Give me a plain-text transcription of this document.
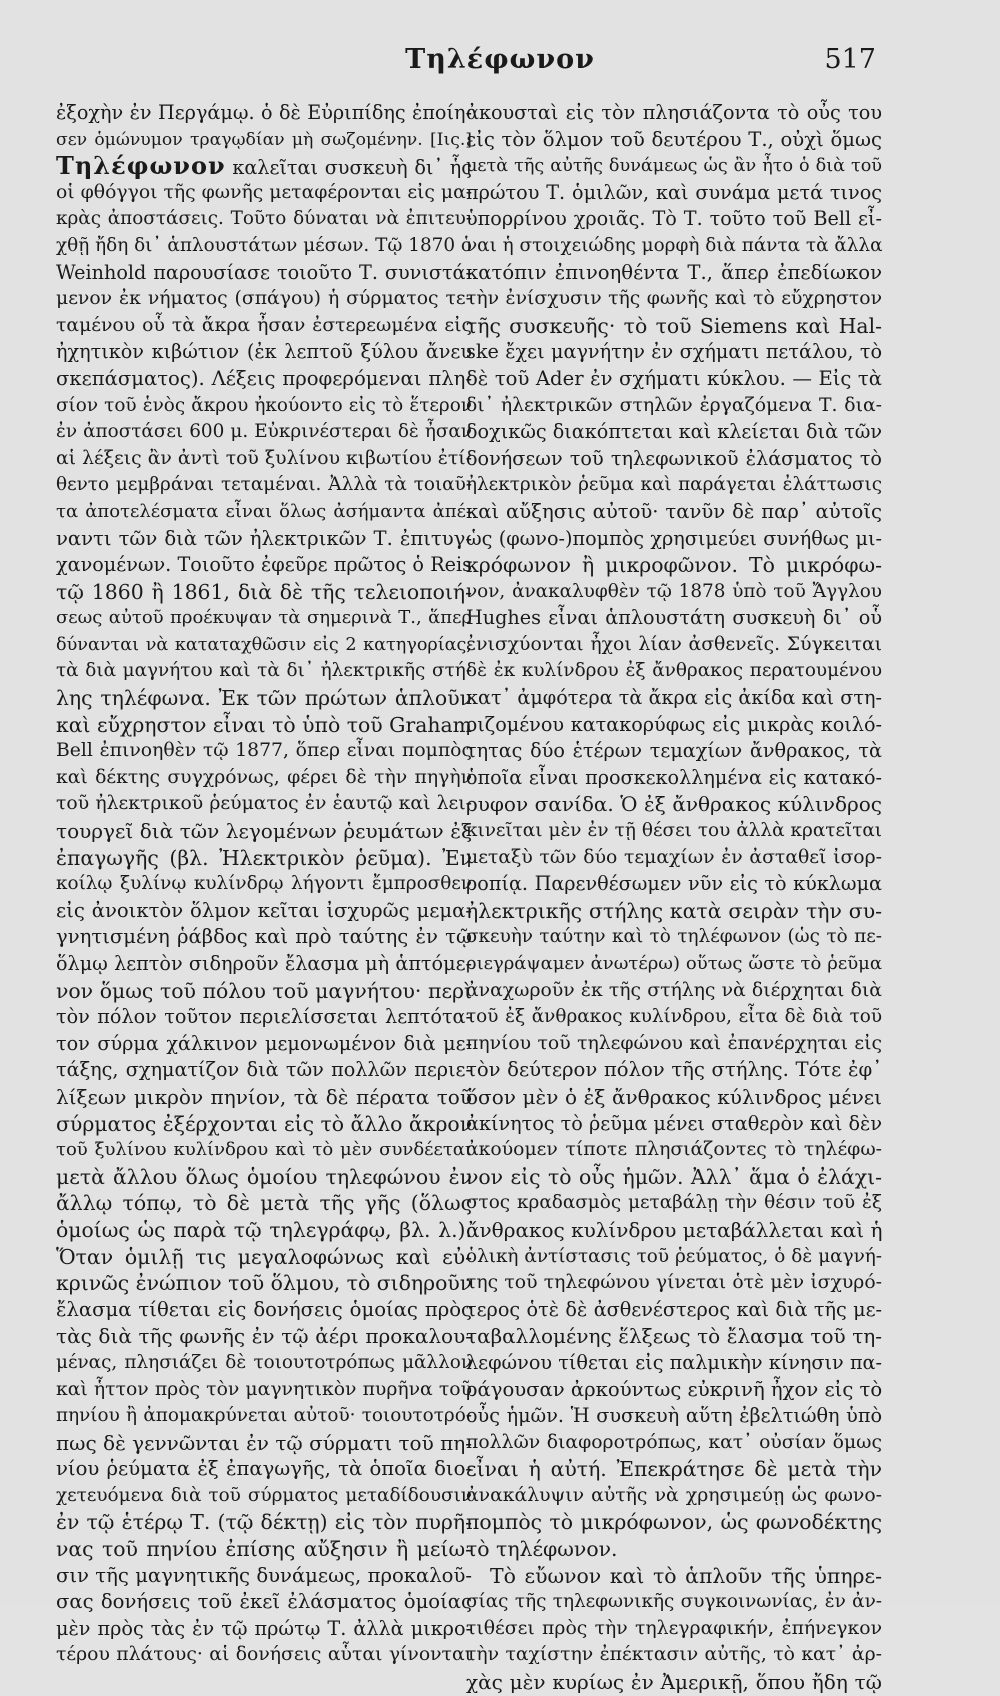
Τηλέφωνον	517
ἐξοχὴν ἐν Περγάμῳ. ὁ δὲ Εὐριπίδης ἐποίη-
σεν ὁμώνυμον τραγῳδίαν μὴ σωζομένην. [Ιις.]
Τηλέφωνον καλεῖται συσκευὴ δι᾽ ἧς
οἱ φθόγγοι τῆς φωνῆς μεταφέρονται εἰς μα-
κρὰς ἀποστάσεις. Τοῦτο δύναται νὰ ἐπιτευ-
χθῇ ἤδη δι᾽ ἁπλουστάτων μέσων. Τῷ 1870 ὁ
Weinhold παρουσίασε τοιοῦτο Τ. συνιστά-
μενον ἐκ νήματος (σπάγου) ἡ σύρματος τε-
ταμένου οὗ τὰ ἄκρα ἦσαν ἐστερεωμένα εἰς
ἠχητικὸν κιβώτιον (ἐκ λεπτοῦ ξύλου ἄνευ
σκεπάσματος). Λέξεις προφερόμεναι πλη-
σίον τοῦ ἑνὸς ἄκρου ἠκούοντο εἰς τὸ ἕτερον
ἐν ἀποστάσει 600 μ. Εὐκρινέστεραι δὲ ἦσαν
αἱ λέξεις ἂν ἀντὶ τοῦ ξυλίνου κιβωτίου ἐτί-
θεντο μεμβράναι τεταμέναι. Ἀλλὰ τὰ τοιαῦ-
τα ἀποτελέσματα εἶναι ὅλως ἀσήμαντα ἀπέ-
ναντι τῶν διὰ τῶν ἠλεκτρικῶν Τ. ἐπιτυγ-
χανομένων. Τοιοῦτο ἐφεῦρε πρῶτος ὁ Reis
τῷ 1860 ἢ 1861, διὰ δὲ τῆς τελειοποιή-
σεως αὐτοῦ προέκυψαν τὰ σημερινὰ Τ., ἅπερ
δύνανται νὰ καταταχθῶσιν εἰς 2 κατηγορίας,
τὰ διὰ μαγνήτου καὶ τὰ δι᾽ ἠλεκτρικῆς στή-
λης τηλέφωνα. Ἐκ τῶν πρώτων ἁπλοῦν
καὶ εὔχρηστον εἶναι τὸ ὑπὸ τοῦ Graham
Bell ἐπινοηθὲν τῷ 1877, ὅπερ εἶναι πομπὸς
καὶ δέκτης συγχρόνως, φέρει δὲ τὴν πηγὴν
τοῦ ἠλεκτρικοῦ ῥεύματος ἐν ἑαυτῷ καὶ λει-
τουργεῖ διὰ τῶν λεγομένων ῥευμάτων ἐξ
ἐπαγωγῆς (βλ. Ἠλεκτρικὸν ῥεῦμα). Ἐν
κοίλῳ ξυλίνῳ κυλίνδρῳ λήγοντι ἔμπροσθεν
εἰς ἀνοικτὸν ὅλμον κεῖται ἰσχυρῶς μεμα-
γνητισμένη ῥάβδος καὶ πρὸ ταύτης ἐν τῷ
ὅλμῳ λεπτὸν σιδηροῦν ἔλασμα μὴ ἁπτόμε-
νον ὅμως τοῦ πόλου τοῦ μαγνήτου· περὶ
τὸν πόλον τοῦτον περιελίσσεται λεπτότα-
τον σύρμα χάλκινον μεμονωμένον διὰ με-
τάξης, σχηματίζον διὰ τῶν πολλῶν περιε-
λίξεων μικρὸν πηνίον, τὰ δὲ πέρατα τοῦ
σύρματος ἐξέρχονται εἰς τὸ ἄλλο ἄκρον
τοῦ ξυλίνου κυλίνδρου καὶ τὸ μὲν συνδέεται
μετὰ ἄλλου ὅλως ὁμοίου τηλεφώνου ἐν
ἄλλῳ τόπῳ, τὸ δὲ μετὰ τῆς γῆς (ὅλως
ὁμοίως ὡς παρὰ τῷ τηλεγράφῳ, βλ. λ.).
Ὅταν ὁμιλῇ τις μεγαλοφώνως καὶ εὐ-
κρινῶς ἐνώπιον τοῦ ὅλμου, τὸ σιδηροῦν
ἔλασμα τίθεται εἰς δονήσεις ὁμοίας πρὸς
τὰς διὰ τῆς φωνῆς ἐν τῷ ἀέρι προκαλου-
μένας, πλησιάζει δὲ τοιουτοτρόπως μᾶλλον
καὶ ἧττον πρὸς τὸν μαγνητικὸν πυρῆνα τοῦ
πηνίου ἢ ἀπομακρύνεται αὐτοῦ· τοιουτοτρό-
πως δὲ γεννῶνται ἐν τῷ σύρματι τοῦ πη-
νίου ῥεύματα ἐξ ἐπαγωγῆς, τὰ ὁποῖα διο-
χετευόμενα διὰ τοῦ σύρματος μεταδίδουσιν
ἐν τῷ ἑτέρῳ Τ. (τῷ δέκτῃ) εἰς τὸν πυρῆ-
νας τοῦ πηνίου ἐπίσης αὔξησιν ἢ μείω-
σιν τῆς μαγνητικῆς δυνάμεως, προκαλοῦ-
σας δονήσεις τοῦ ἐκεῖ ἐλάσματος ὁμοίας
μὲν πρὸς τὰς ἐν τῷ πρώτῳ Τ. ἀλλὰ μικρο-
τέρου πλάτους· αἱ δονήσεις αὗται γίνονται
ἀκουσταὶ εἰς τὸν πλησιάζοντα τὸ οὖς του
εἰς τὸν ὅλμον τοῦ δευτέρου Τ., οὐχὶ ὅμως
μετὰ τῆς αὐτῆς δυνάμεως ὡς ἂν ἦτο ὁ διὰ τοῦ
πρώτου Τ. ὁμιλῶν, καὶ συνάμα μετά τινος
ὑπορρίνου χροιᾶς. Τὸ Τ. τοῦτο τοῦ Bell εἶ-
ναι ἡ στοιχειώδης μορφὴ διὰ πάντα τὰ ἄλλα
κατόπιν ἐπινοηθέντα Τ., ἅπερ ἐπεδίωκον
τὴν ἐνίσχυσιν τῆς φωνῆς καὶ τὸ εὔχρηστον
τῆς συσκευῆς· τὸ τοῦ Siemens καὶ Hal-
ske ἔχει μαγνήτην ἐν σχήματι πετάλου, τὸ
δὲ τοῦ Ader ἐν σχήματι κύκλου. — Εἰς τὰ
δι᾽ ἠλεκτρικῶν στηλῶν ἐργαζόμενα Τ. δια-
δοχικῶς διακόπτεται καὶ κλείεται διὰ τῶν
δονήσεων τοῦ τηλεφωνικοῦ ἐλάσματος τὸ
ἠλεκτρικὸν ῥεῦμα καὶ παράγεται ἐλάττωσις
καὶ αὔξησις αὐτοῦ· τανῦν δὲ παρ᾽ αὐτοῖς
ὡς (φωνο-)πομπὸς χρησιμεύει συνήθως μι-
κρόφωνον ἢ μικροφῶνον. Τὸ μικρόφω-
νον, ἀνακαλυφθὲν τῷ 1878 ὑπὸ τοῦ Ἄγγλου
Hughes εἶναι ἁπλουστάτη συσκευὴ δι᾽ οὗ
ἐνισχύονται ἦχοι λίαν ἀσθενεῖς. Σύγκειται
δὲ ἐκ κυλίνδρου ἐξ ἄνθρακος περατουμένου
κατ᾽ ἀμφότερα τὰ ἄκρα εἰς ἀκίδα καὶ στη-
ριζομένου κατακορύφως εἰς μικρὰς κοιλό-
τητας δύο ἑτέρων τεμαχίων ἄνθρακος, τὰ
ὁποῖα εἶναι προσκεκολλημένα εἰς κατακό-
ρυφον σανίδα. Ὁ ἐξ ἄνθρακος κύλινδρος
κινεῖται μὲν ἐν τῇ θέσει του ἀλλὰ κρατεῖται
μεταξὺ τῶν δύο τεμαχίων ἐν ἀσταθεῖ ἰσορ-
ροπίᾳ. Παρενθέσωμεν νῦν εἰς τὸ κύκλωμα
ἠλεκτρικῆς στήλης κατὰ σειρὰν τὴν συ-
σκευὴν ταύτην καὶ τὸ τηλέφωνον (ὡς τὸ πε-
ριεγράψαμεν ἀνωτέρω) οὕτως ὥστε τὸ ῥεῦμα
ἀναχωροῦν ἐκ τῆς στήλης νὰ διέρχηται διὰ
τοῦ ἐξ ἄνθρακος κυλίνδρου, εἶτα δὲ διὰ τοῦ
πηνίου τοῦ τηλεφώνου καὶ ἐπανέρχηται εἰς
τὸν δεύτερον πόλον τῆς στήλης. Τότε ἐφ᾽
ὅσον μὲν ὁ ἐξ ἄνθρακος κύλινδρος μένει
ἀκίνητος τὸ ῥεῦμα μένει σταθερὸν καὶ δὲν
ἀκούομεν τίποτε πλησιάζοντες τὸ τηλέφω-
νον εἰς τὸ οὖς ἡμῶν. Ἀλλ᾽ ἅμα ὁ ἐλάχι-
στος κραδασμὸς μεταβάλῃ τὴν θέσιν τοῦ ἐξ
ἄνθρακος κυλίνδρου μεταβάλλεται καὶ ἡ
ὁλικὴ ἀντίστασις τοῦ ῥεύματος, ὁ δὲ μαγνή-
της τοῦ τηλεφώνου γίνεται ὁτὲ μὲν ἰσχυρό-
τερος ὁτὲ δὲ ἀσθενέστερος καὶ διὰ τῆς με-
ταβαλλομένης ἕλξεως τὸ ἔλασμα τοῦ τη-
λεφώνου τίθεται εἰς παλμικὴν κίνησιν πα-
ράγουσαν ἀρκούντως εὐκρινῆ ἦχον εἰς τὸ
οὖς ἡμῶν. Ἡ συσκευὴ αὕτη ἐβελτιώθη ὑπὸ
πολλῶν διαφοροτρόπως, κατ᾽ οὐσίαν ὅμως
εἶναι ἡ αὐτή. Ἐπεκράτησε δὲ μετὰ τὴν
ἀνακάλυψιν αὐτῆς νὰ χρησιμεύῃ ὡς φωνο-
πομπὸς τὸ μικρόφωνον, ὡς φωνοδέκτης
τὸ τηλέφωνον.
Τὸ εὔωνον καὶ τὸ ἁπλοῦν τῆς ὑπηρε-
σίας τῆς τηλεφωνικῆς συγκοινωνίας, ἐν ἀν-
τιθέσει πρὸς τὴν τηλεγραφικήν, ἐπήνεγκον
τὴν ταχίστην ἐπέκτασιν αὐτῆς, τὸ κατ᾽ ἀρ-
χὰς μὲν κυρίως ἐν Ἀμερικῇ, ὅπου ἤδη τῷ
